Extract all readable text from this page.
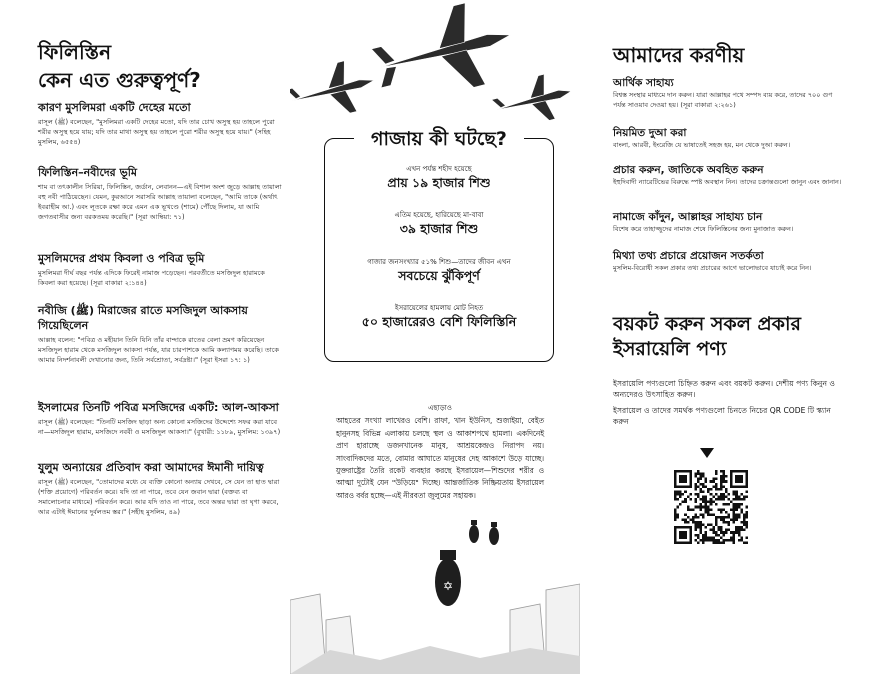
ফিলিস্তিন
কেন এত গুরুত্বপূর্ণ?
কারণ মুসলিমরা একটি দেহের মতো

রাসূল (ﷺ) বলেছেন, "মুসলিমরা একটি দেহের মতো, যদি তার চোখ অসুস্থ হয় তাহলে পুরো শরীর অসুস্থ হয়ে যায়; যদি তার মাথা অসুস্থ হয় তাহলে পুরো শরীর অসুস্থ হয়ে যায়।" (সহিহ মুসলিম, ৬৫৫৪)

ফিলিস্তিন–নবীদের ভূমি

শাম বা তৎকালীন সিরিয়া, ফিলিস্তিন, জর্ডান, লেবানন—এই বিশাল অংশ জুড়ে আল্লাহ তায়ালা বহু নবী পাঠিয়েছেন। যেমন, কুরআনে সরাসরি আল্লাহ তায়ালা বলেছেন, "আমি তাকে (অর্থাৎ ইবরাহীম আ.) এবং লূতকে রক্ষা করে এমন এক ভূখণ্ডে (শামে) পৌঁছে দিলাম, যা আমি জগতবাসীর জন্য বরকতময় করেছি।" (সূরা আম্বিয়া: ৭১)

মুসলিমদের প্রথম কিবলা ও পবিত্র ভূমি

মুসলিমরা দীর্ঘ বছর পর্যন্ত এদিকে ফিরেই নামাজ পড়েছেন। পরবর্তীতে মসজিদুল হারামকে কিবলা করা হয়েছে। (সূরা বাকারা ২:১৪৪)

নবীজি (ﷺ) মিরাজের রাতে মসজিদুল আকসায় গিয়েছিলেন

আল্লাহ বলেন: "পবিত্র ও মহীয়ান তিনি যিনি তাঁর বান্দাকে রাতের বেলা ভ্রমণ করিয়েছেন মসজিদুল হারাম থেকে মসজিদুল আকসা পর্যন্ত, যার চারপাশকে আমি কল্যাণময় করেছি। তাকে আমার নিদর্শনাবলী দেখানোর জন্য, তিনি সর্বশ্রোতা, সর্বদ্রষ্টা।" (সূরা ইসরা ১৭: ১)

ইসলামের তিনটি পবিত্র মসজিদের একটি: আল-আকসা

রাসূল (ﷺ) বলেছেন: "তিনটি মসজিদ ছাড়া অন্য কোনো মসজিদের উদ্দেশ্যে সফর করা যাবে না—মসজিদুল হারাম, মসজিদে নববী ও মসজিদুল আকসা।" (বুখারী: ১১৮৯, মুসলিম: ১৩৯৭)

যুলুম অন্যায়ের প্রতিবাদ করা আমাদের ঈমানী দায়িত্ব

রাসূল (ﷺ) বলেছেন, "তোমাদের মধ্যে যে ব্যক্তি কোনো অন্যায় দেখবে, সে যেন তা হাত দ্বারা (শক্তি প্রয়োগে) পরিবর্তন করে। যদি তা না পারে, তবে যেন জবান দ্বারা (বক্তব্য বা সমালোচনার মাধ্যমে) পরিবর্তন করে। আর যদি তাও না পারে, তবে অন্তর দ্বারা তা ঘৃণা করবে, আর এটাই ঈমানের দুর্বলতম স্তর।" (সহীহ মুসলিম, ৪৯)

গাজায় কী ঘটছে?
এখন পর্যন্ত শহীদ হয়েছে
প্রায় ১৯ হাজার শিশু
এতিম হয়েছে, হারিয়েছে মা-বাবা
৩৯ হাজার শিশু
গাজার জনসংখ্যার ৫১% শিশু—তাদের জীবন এখন
সবচেয়ে ঝুঁকিপূর্ণ
ইসরায়েলের হামলায় মোট নিহত
৫০ হাজারেরও বেশি ফিলিস্তিনি
এছাড়াও
আহতের সংখ্যা লাখেরও বেশি। রাফা, খান ইউনিস, শুজাইয়া, বেইত হানুনসহ বিভিন্ন এলাকায় চলছে স্থল ও আকাশপথে হামলা। একদিনেই প্রাণ হারাচ্ছে ডজনখানেক মানুষ, আশ্রয়কেন্দ্রও নিরাপদ নয়। সাংবাদিকদের মতে, বোমার আঘাতে মানুষের দেহ আকাশে উড়ে যাচ্ছে। যুক্তরাষ্ট্রের তৈরি রকেট ব্যবহার করছে ইসরায়েল—শিশুদের শরীর ও আত্মা দুটোই যেন "উড়িয়ে" দিচ্ছে। আন্তর্জাতিক নিষ্ক্রিয়তায় ইসরায়েল আরও বর্বর হচ্ছে—এই নীরবতা জুলুমের সহায়ক।
✡
আমাদের করণীয়
আর্থিক সাহায্য

বিশ্বস্ত সংস্থার মাধ্যমে দান করুন। যারা আল্লাহর পথে সম্পদ ব্যয় করে, তাদের ৭০০ গুণ পর্যন্ত সাওয়াব দেওয়া হয়। (সূরা বাকারা ২:২৬১)

নিয়মিত দুআ করা

বাংলা, আরবী, ইংরেজি যে ভাষাতেই সহজ হয়, মন থেকে দুআ করুন।

প্রচার করুন, জাতিকে অবহিত করুন

ইহুদিবাদী ন্যারেটিভের বিরুদ্ধে স্পষ্ট অবস্থান নিন। তাদের চক্রান্তগুলো জানুন এবং জানান।

নামাজে কাঁদুন, আল্লাহর সাহায্য চান

বিশেষ করে তাহাজ্জুদের নামাজ শেষে ফিলিস্তিনের জন্য মুনাজাত করুন।

মিথ্যা তথ্য প্রচারে প্রয়োজন সতর্কতা

মুসলিম-বিরোধী সকল প্রকার তথ্য প্রচারের আগে ভালোভাবে যাচাই করে নিন।

বয়কট করুন সকল প্রকার
ইসরায়েলি পণ্য

ইসরায়েলি পণ্যগুলো চিহ্নিত করুন এবং বয়কট করুন। দেশীয় পণ্য কিনুন ও অন্যদেরও উৎসাহিত করুন।

ইসরায়েল ও তাদের সমর্থক পণ্যগুলো চিনতে নিচের QR CODE টি স্ক্যান করুন
